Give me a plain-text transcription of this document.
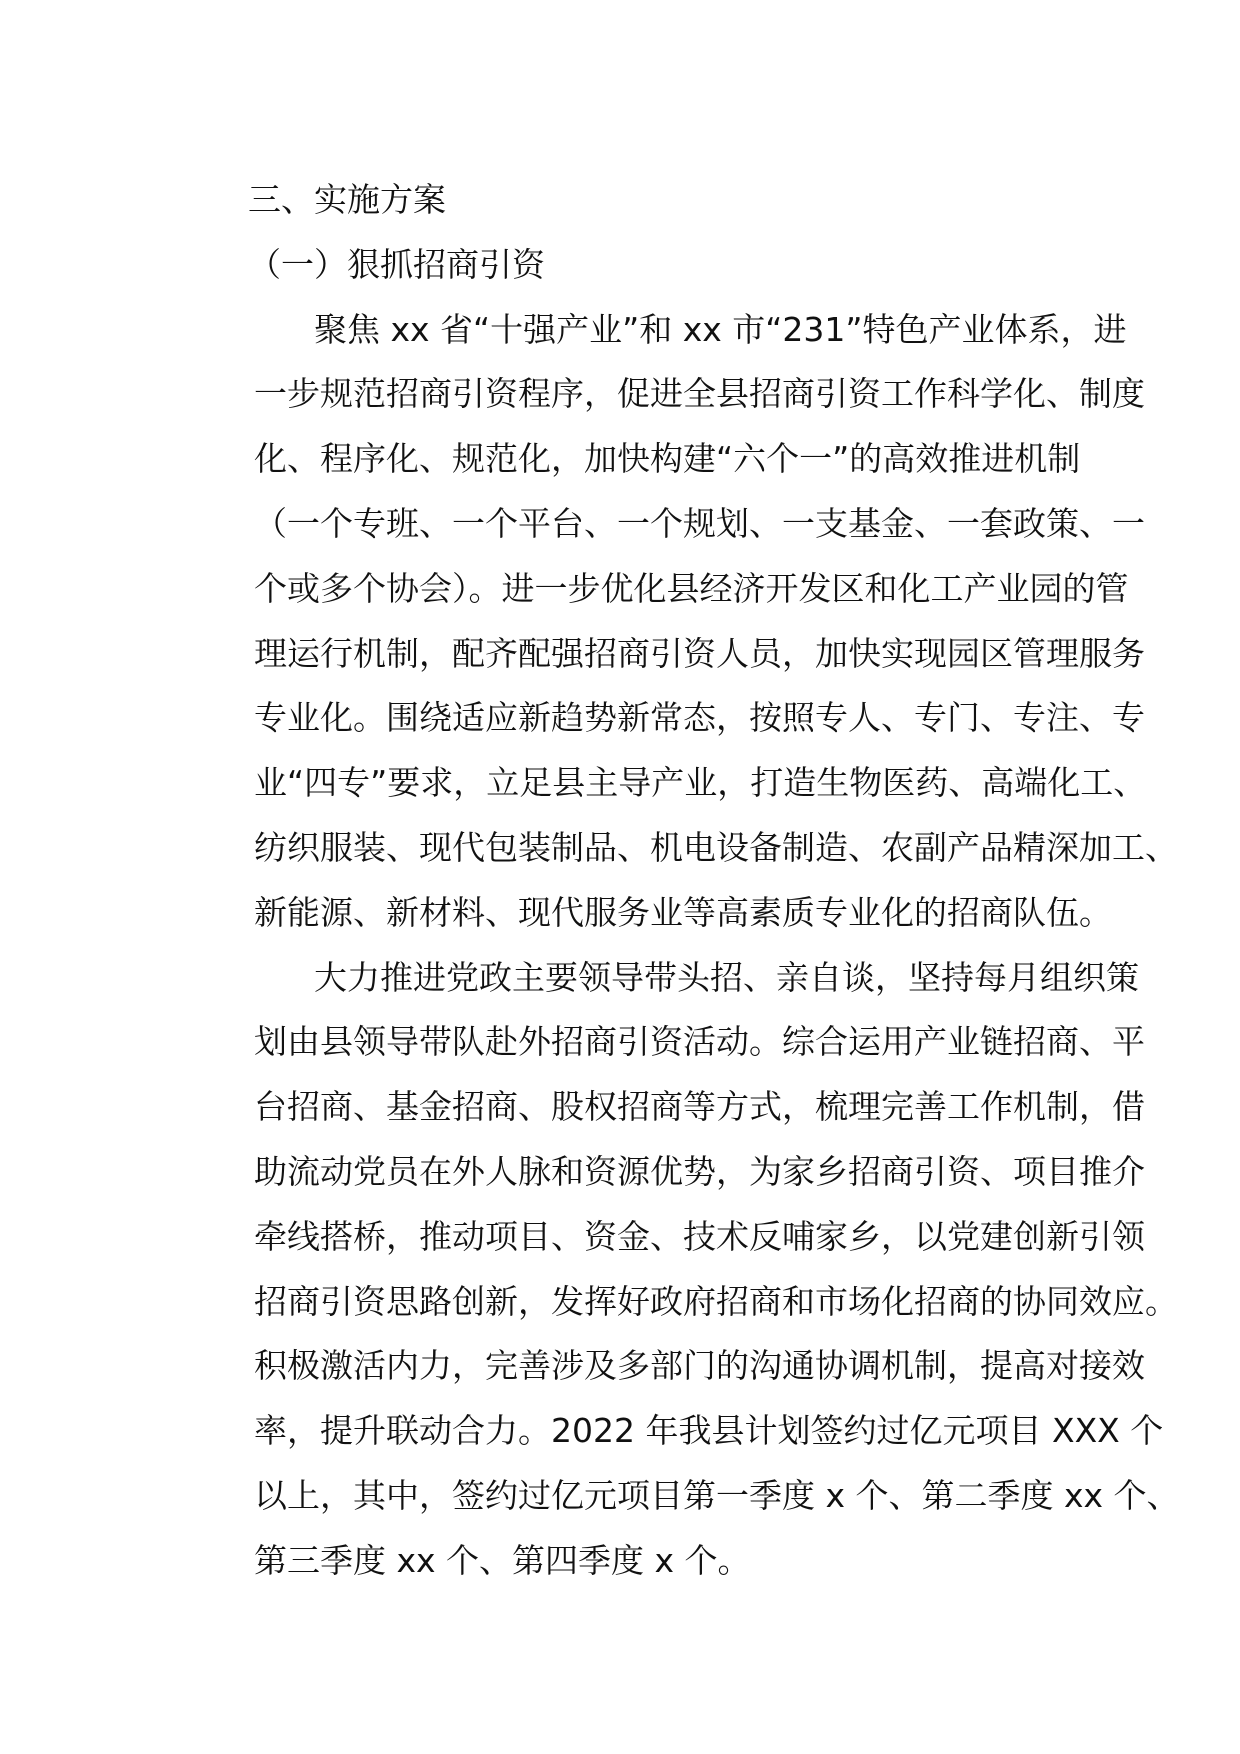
三、实施方案
（一）狠抓招商引资
聚焦 xx 省“十强产业”和 xx 市“231”特色产业体系，进
一步规范招商引资程序，促进全县招商引资工作科学化、制度
化、程序化、规范化，加快构建“六个一”的高效推进机制
（一个专班、一个平台、一个规划、一支基金、一套政策、一
个或多个协会）。进一步优化县经济开发区和化工产业园的管
理运行机制，配齐配强招商引资人员，加快实现园区管理服务
专业化。围绕适应新趋势新常态，按照专人、专门、专注、专
业“四专”要求，立足县主导产业，打造生物医药、高端化工、
纺织服装、现代包装制品、机电设备制造、农副产品精深加工、
新能源、新材料、现代服务业等高素质专业化的招商队伍。
大力推进党政主要领导带头招、亲自谈，坚持每月组织策
划由县领导带队赴外招商引资活动。综合运用产业链招商、平
台招商、基金招商、股权招商等方式，梳理完善工作机制，借
助流动党员在外人脉和资源优势，为家乡招商引资、项目推介
牵线搭桥，推动项目、资金、技术反哺家乡，以党建创新引领
招商引资思路创新，发挥好政府招商和市场化招商的协同效应。
积极激活内力，完善涉及多部门的沟通协调机制，提高对接效
率，提升联动合力。2022 年我县计划签约过亿元项目 XXX 个
以上，其中，签约过亿元项目第一季度 x 个、第二季度 xx 个、
第三季度 xx 个、第四季度 x 个。
